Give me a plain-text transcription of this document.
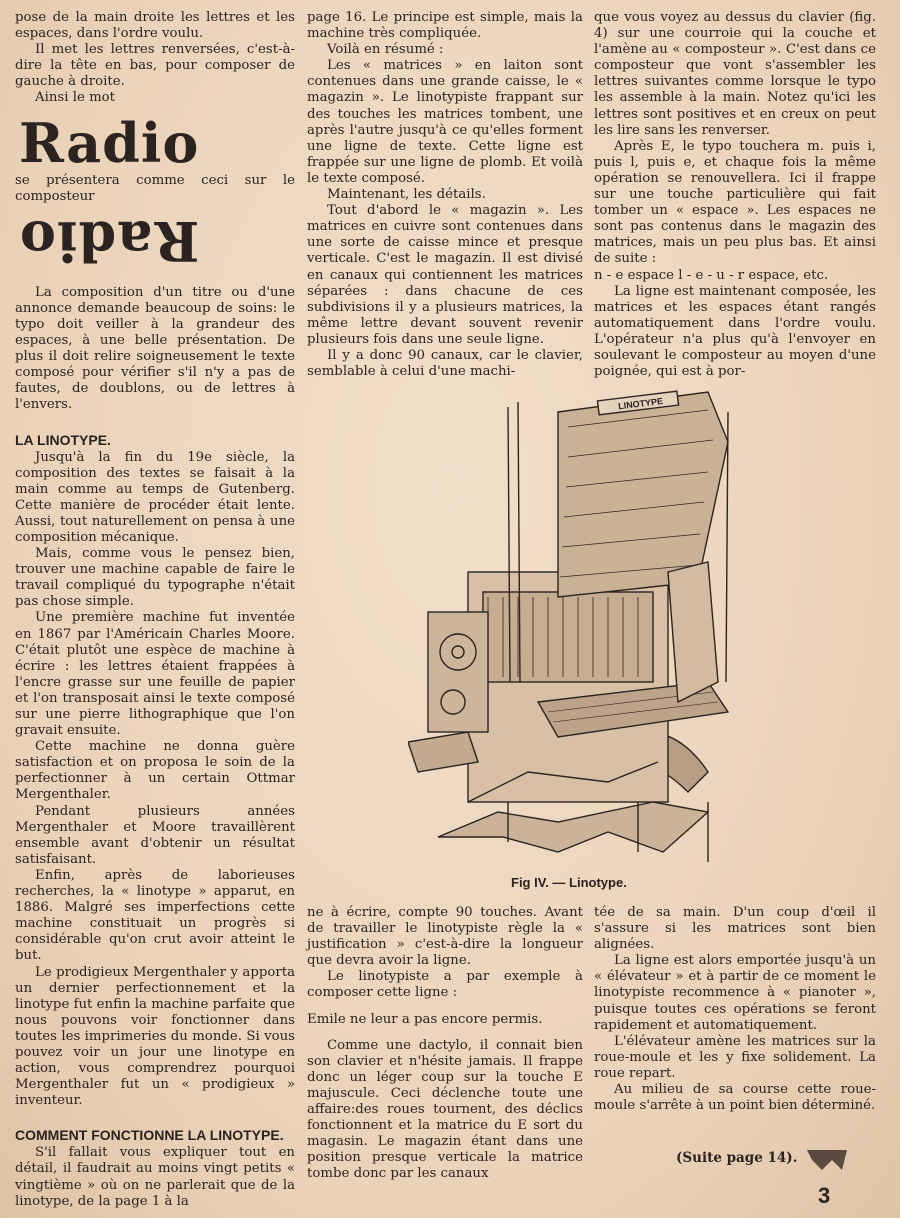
pose de la main droite les lettres et les espaces, dans l'ordre voulu.

Il met les lettres renversées, c'est-à-dire la tête en bas, pour composer de gauche à droite.

Ainsi le mot

Radio

se présentera comme ceci sur le composteur

Radio

La composition d'un titre ou d'une annonce demande beaucoup de soins: le typo doit veiller à la grandeur des espaces, à une belle présentation. De plus il doit relire soigneusement le texte composé pour vérifier s'il n'y a pas de fautes, de doublons, ou de lettres à l'envers.

LA LINOTYPE.

Jusqu'à la fin du 19e siècle, la composition des textes se faisait à la main comme au temps de Gutenberg. Cette manière de procéder était lente. Aussi, tout naturellement on pensa à une composition mécanique.

Mais, comme vous le pensez bien, trouver une machine capable de faire le travail compliqué du typographe n'était pas chose simple.

Une première machine fut inventée en 1867 par l'Américain Charles Moore. C'était plutôt une espèce de machine à écrire : les lettres étaient frappées à l'encre grasse sur une feuille de papier et l'on transposait ainsi le texte composé sur une pierre lithographique que l'on gravait ensuite.

Cette machine ne donna guère satisfaction et on proposa le soin de la perfectionner à un certain Ottmar Mergenthaler.

Pendant plusieurs années Mergenthaler et Moore travaillèrent ensemble avant d'obtenir un résultat satisfaisant.

Enfin, après de laborieuses recherches, la « linotype » apparut, en 1886. Malgré ses imperfections cette machine constituait un progrès si considérable qu'on crut avoir atteint le but.

Le prodigieux Mergenthaler y apporta un dernier perfectionnement et la linotype fut enfin la machine parfaite que nous pouvons voir fonctionner dans toutes les imprimeries du monde. Si vous pouvez voir un jour une linotype en action, vous comprendrez pourquoi Mergenthaler fut un « prodigieux » inventeur.

COMMENT FONCTIONNE LA LINOTYPE.

S'il fallait vous expliquer tout en détail, il faudrait au moins vingt petits « vingtième » où on ne parlerait que de la linotype, de la page 1 à la

page 16. Le principe est simple, mais la machine très compliquée.

Voilà en résumé :

Les « matrices » en laiton sont contenues dans une grande caisse, le « magazin ». Le linotypiste frappant sur des touches les matrices tombent, une après l'autre jusqu'à ce qu'elles forment une ligne de texte. Cette ligne est frappée sur une ligne de plomb. Et voilà le texte composé.

Maintenant, les détails.

Tout d'abord le « magazin ». Les matrices en cuivre sont contenues dans une sorte de caisse mince et presque verticale. C'est le magazin. Il est divisé en canaux qui contiennent les matrices séparées : dans chacune de ces subdivisions il y a plusieurs matrices, la même lettre devant souvent revenir plusieurs fois dans une seule ligne.

Il y a donc 90 canaux, car le clavier, semblable à celui d'une machi-

que vous voyez au dessus du clavier (fig. 4) sur une courroie qui la couche et l'amène au « composteur ». C'est dans ce composteur que vont s'assembler les lettres suivantes comme lorsque le typo les assemble à la main. Notez qu'ici les lettres sont positives et en creux on peut les lire sans les renverser.

Après E, le typo touchera m. puis i, puis l, puis e, et chaque fois la même opération se renouvellera. Ici il frappe sur une touche particulière qui fait tomber un « espace ». Les espaces ne sont pas contenus dans le magazin des matrices, mais un peu plus bas. Et ainsi de suite :

n - e espace l - e - u - r espace, etc.

La ligne est maintenant composée, les matrices et les espaces étant rangés automatiquement dans l'ordre voulu. L'opérateur n'a plus qu'à l'envoyer en soulevant le composteur au moyen d'une poignée, qui est à por-

LINOTYPE
Fig IV. — Linotype.

ne à écrire, compte 90 touches. Avant de travailler le linotypiste règle la « justification » c'est-à-dire la longueur que devra avoir la ligne.

Le linotypiste a par exemple à composer cette ligne :

Emile ne leur a pas encore permis.

Comme une dactylo, il connait bien son clavier et n'hésite jamais. Il frappe donc un léger coup sur la touche E majuscule. Ceci déclenche toute une affaire:des roues tournent, des déclics fonctionnent et la matrice du E sort du magasin. Le magazin étant dans une position presque verticale la matrice tombe donc par les canaux

tée de sa main. D'un coup d'œil il s'assure si les matrices sont bien alignées.

La ligne est alors emportée jusqu'à un « élévateur » et à partir de ce moment le linotypiste recommence à « pianoter », puisque toutes ces opérations se feront rapidement et automatiquement.

L'élévateur amène les matrices sur la roue-moule et les y fixe solidement. La roue repart.

Au milieu de sa course cette roue-moule s'arrête à un point bien déterminé.

(Suite page 14).
3
